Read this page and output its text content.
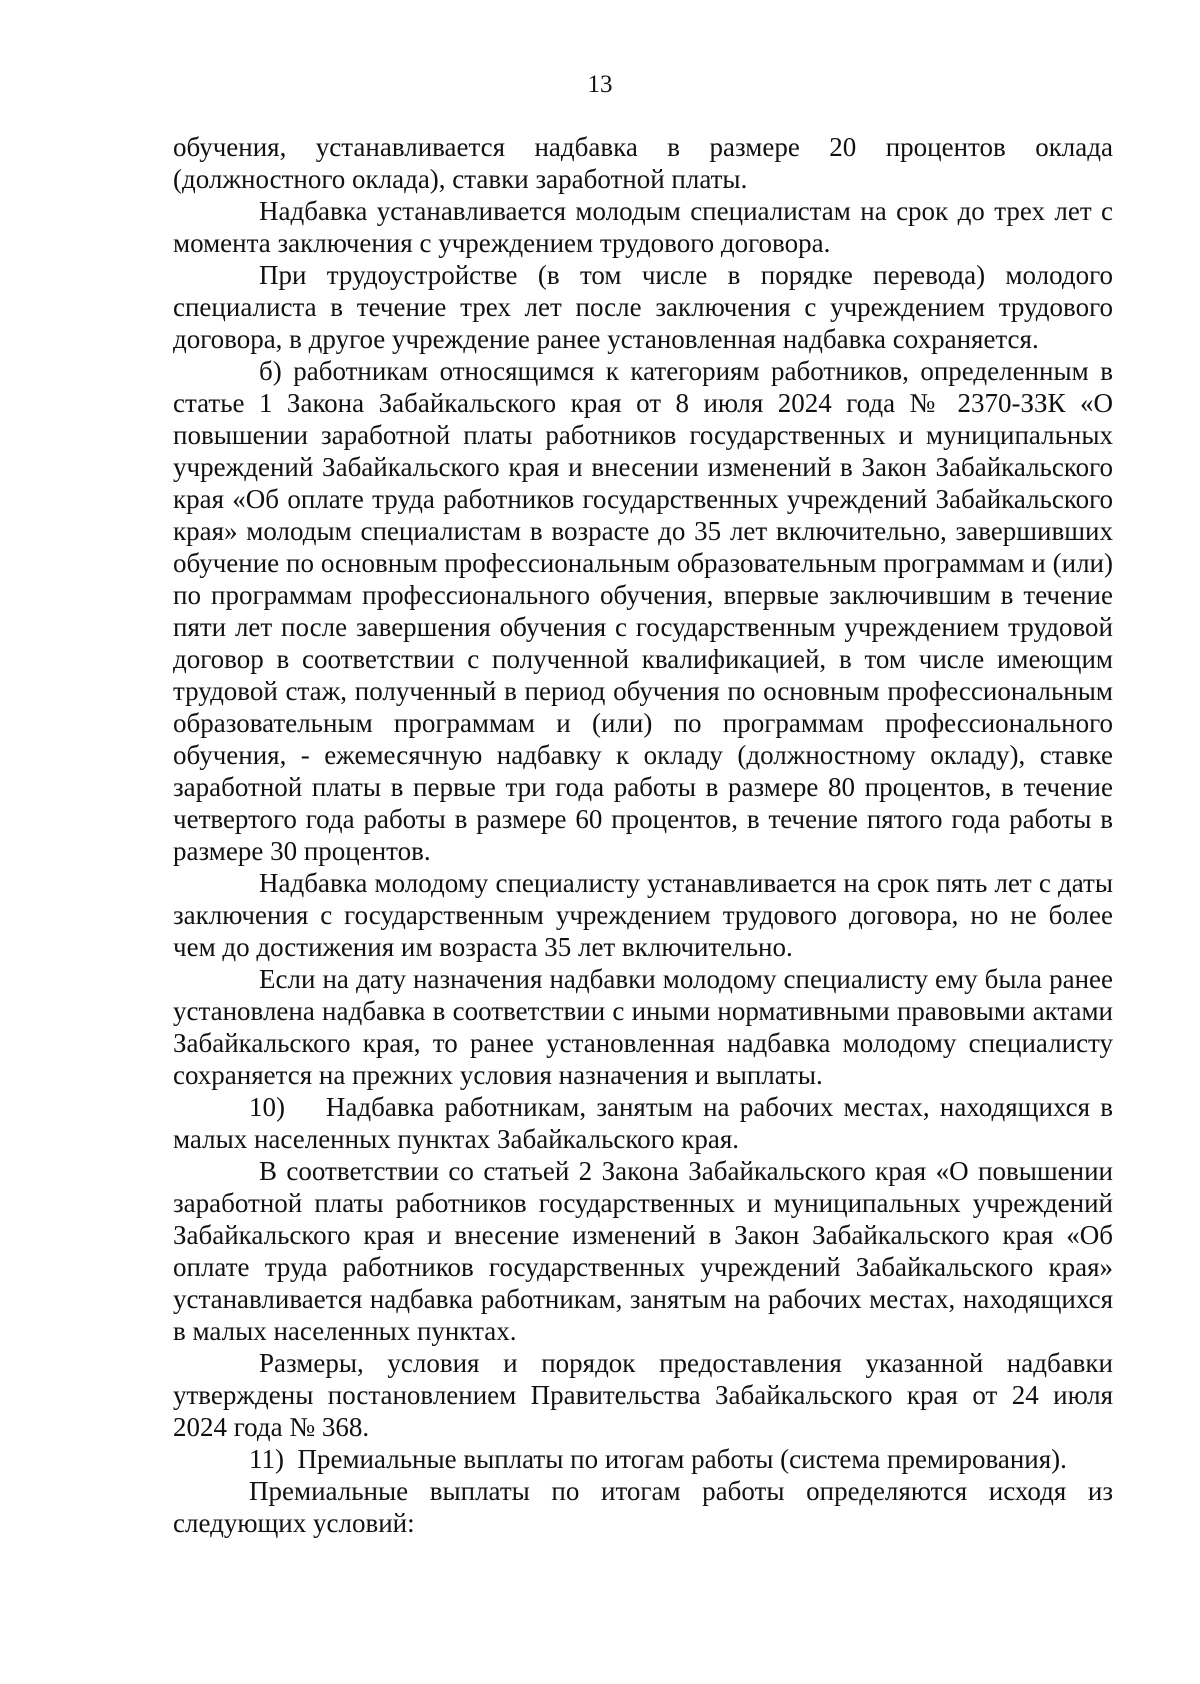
13

обучения, устанавливается надбавка в размере 20 процентов оклада (должностного оклада), ставки заработной платы.

Надбавка устанавливается молодым специалистам на срок до трех лет с момента заключения с учреждением трудового договора.

При трудоустройстве (в том числе в порядке перевода) молодого специалиста в течение трех лет после заключения с учреждением трудового договора, в другое учреждение ранее установленная надбавка сохраняется.

б) работникам относящимся к категориям работников, определенным в статье 1 Закона Забайкальского края от 8 июля 2024 года № 2370-ЗЗК «О повышении заработной платы работников государственных и муниципальных учреждений Забайкальского края и внесении изменений в Закон Забайкальского края «Об оплате труда работников государственных учреждений Забайкальского края» молодым специалистам в возрасте до 35 лет включительно, завершивших обучение по основным профессиональным образовательным программам и (или) по программам профессионального обучения, впервые заключившим в течение пяти лет после завершения обучения с государственным учреждением трудовой договор в соответствии с полученной квалификацией, в том числе имеющим трудовой стаж, полученный в период обучения по основным профессиональным образовательным программам и (или) по программам профессионального обучения, - ежемесячную надбавку к окладу (должностному окладу), ставке заработной платы в первые три года работы в размере 80 процентов, в течение четвертого года работы в размере 60 процентов, в течение пятого года работы в размере 30 процентов.

Надбавка молодому специалисту устанавливается на срок пять лет с даты заключения с государственным учреждением трудового договора, но не более чем до достижения им возраста 35 лет включительно.

Если на дату назначения надбавки молодому специалисту ему была ранее установлена надбавка в соответствии с иными нормативными правовыми актами Забайкальского края, то ранее установленная надбавка молодому специалисту сохраняется на прежних условия назначения и выплаты.

10)    Надбавка работникам, занятым на рабочих местах, находящихся в малых населенных пунктах Забайкальского края.

В соответствии со статьей 2 Закона Забайкальского края «О повышении заработной платы работников государственных и муниципальных учреждений Забайкальского края и внесение изменений в Закон Забайкальского края «Об оплате труда работников государственных учреждений Забайкальского края» устанавливается надбавка работникам, занятым на рабочих местах, находящихся в малых населенных пунктах.

Размеры, условия и порядок предоставления указанной надбавки утверждены постановлением Правительства Забайкальского края от 24 июля 2024 года № 368.

11)  Премиальные выплаты по итогам работы (система премирования).

Премиальные выплаты по итогам работы определяются исходя из следующих условий:
